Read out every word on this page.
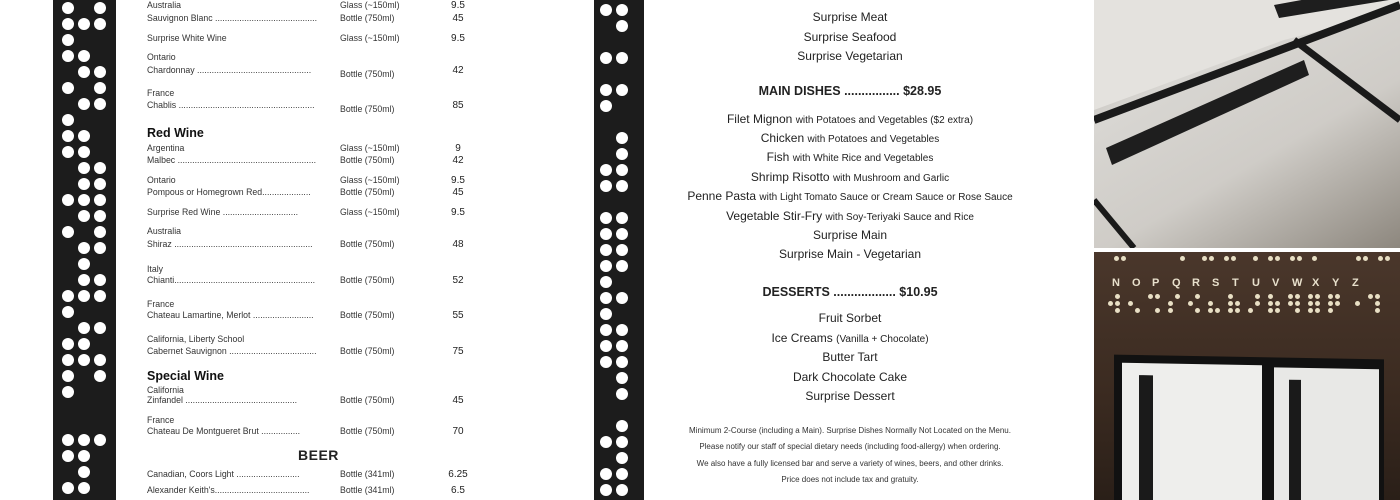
Australia	Glass (~150ml)	9.5
Sauvignon Blanc .......................................... Bottle (750ml)	45
Surprise White Wine	Glass (~150ml)	9.5
Ontario
Chardonnay ...............................................	Bottle (750ml)	42
France
Chablis ........................................................	Bottle (750ml)	85
Argentina	Glass (~150ml)	9
Malbec .........................................................	Bottle (750ml)	42
Ontario	Glass (~150ml)	9.5
Pompous or Homegrown Red....................	Bottle (750ml)	45
Surprise Red Wine ...............................	Glass (~150ml)	9.5
Australia
Shiraz .........................................................	Bottle (750ml)	48
Italy
Chianti..........................................................	Bottle (750ml)	52
France
Chateau Lamartine, Merlot .........................	Bottle (750ml)	55
California, Liberty School
Cabernet Sauvignon .................................... Bottle (750ml)	75
California
Zinfandel ..............................................	Bottle (750ml)	45
France
Chateau De Montgueret Brut ................	Bottle (750ml)	70
Canadian, Coors Light ..........................	Bottle (341ml)	6.25
Alexander Keith's.......................................	Bottle (341ml)	6.5
Red Wine
Special Wine
BEER
Surprise Meat
Surprise Seafood
Surprise Vegetarian
MAIN DISHES ................ $28.95
Filet Mignon with Potatoes and Vegetables ($2 extra)
Chicken with Potatoes and Vegetables
Fish with White Rice and Vegetables
Shrimp Risotto with Mushroom and Garlic
Penne Pasta with Light Tomato Sauce or Cream Sauce or Rose Sauce
Vegetable Stir-Fry with Soy-Teriyaki Sauce and Rice
Surprise Main
Surprise Main - Vegetarian
DESSERTS .................. $10.95
Fruit Sorbet
Ice Creams (Vanilla + Chocolate)
Butter Tart
Dark Chocolate Cake
Surprise Dessert
Minimum 2-Course (including a Main). Surprise Dishes Normally Not Located on the Menu.
Please notify our staff of special dietary needs (including food-allergy) when ordering.
We also have a fully licensed bar and serve a variety of wines, beers, and other drinks.
Price does not include tax and gratuity.
N O P Q R S T U V W X Y Z
